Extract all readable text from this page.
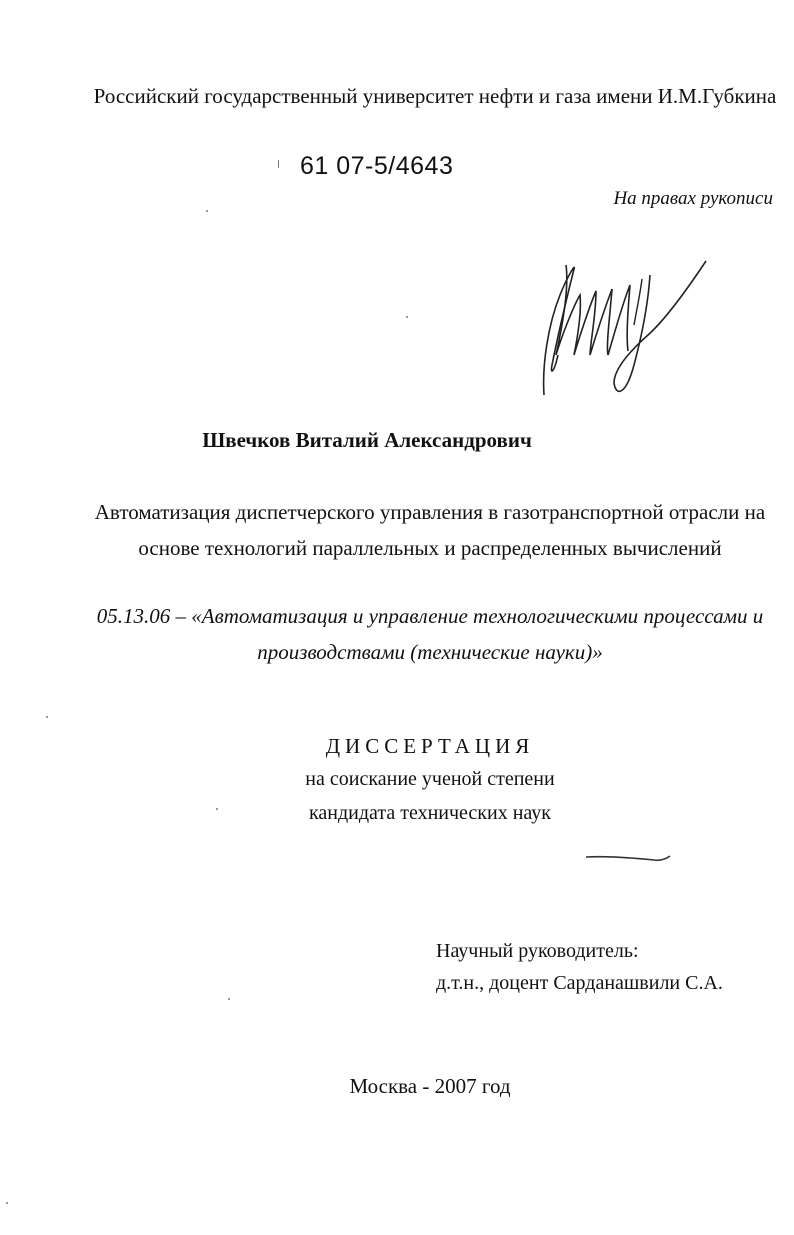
Российский государственный университет нефти и газа имени И.М.Губкина
61 07-5/4643
На правах рукописи
Швечков Виталий Александрович
Автоматизация диспетчерского управления в газотранспортной отрасли на
основе технологий параллельных и распределенных вычислений
05.13.06 – «Автоматизация и управление технологическими процессами и
производствами (технические науки)»
ДИССЕРТАЦИЯ
на соискание ученой степени
кандидата технических наук
Научный руководитель:
д.т.н., доцент Сарданашвили С.А.
Москва - 2007 год
